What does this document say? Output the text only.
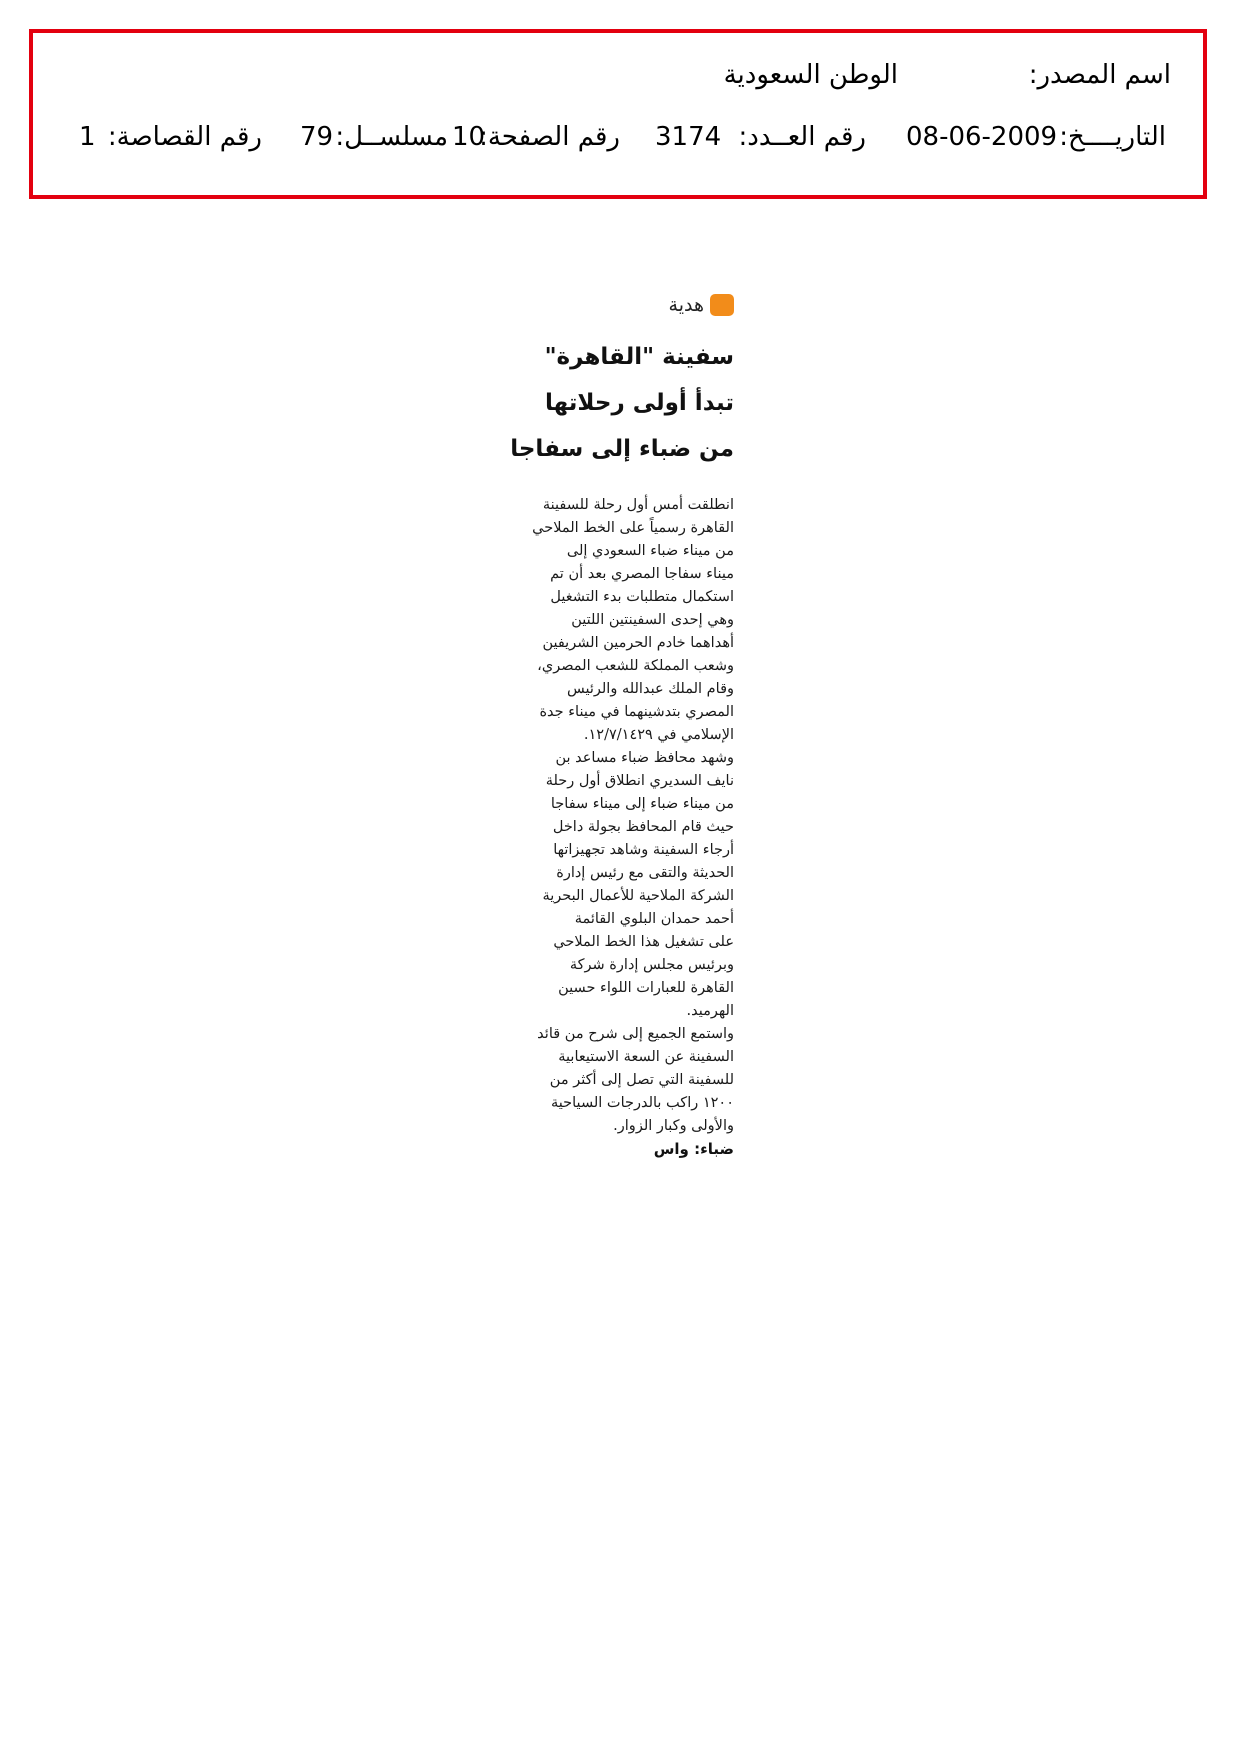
اسم المصدر:
الوطن السعودية
التاريــــخ:
08-06-2009
رقم العــدد:
3174
رقم الصفحة:
10
مسلســل:
79
رقم القصاصة:
1
هدية
سفينة "القاهرة"
تبدأ أولى رحلاتها
من ضباء إلى سفاجا
انطلقت أمس أول رحلة للسفينة
القاهرة رسمياً على الخط الملاحي
من ميناء ضباء السعودي إلى
ميناء سفاجا المصري بعد أن تم
استكمال متطلبات بدء التشغيل
وهي إحدى السفينتين اللتين
أهداهما خادم الحرمين الشريفين
وشعب المملكة للشعب المصري،
وقام الملك عبدالله والرئيس
المصري بتدشينهما في ميناء جدة
الإسلامي في ١٢/٧/١٤٢٩.
وشهد محافظ ضباء مساعد بن
نايف السديري انطلاق أول رحلة
من ميناء ضباء إلى ميناء سفاجا
حيث قام المحافظ بجولة داخل
أرجاء السفينة وشاهد تجهيزاتها
الحديثة والتقى مع رئيس إدارة
الشركة الملاحية للأعمال البحرية
أحمد حمدان البلوي القائمة
على تشغيل هذا الخط الملاحي
وبرئيس مجلس إدارة شركة
القاهرة للعبارات اللواء حسين
الهرميد.
واستمع الجميع إلى شرح من قائد
السفينة عن السعة الاستيعابية
للسفينة التي تصل إلى أكثر من
١٢٠٠ راكب بالدرجات السياحية
والأولى وكبار الزوار.
ضباء: واس
